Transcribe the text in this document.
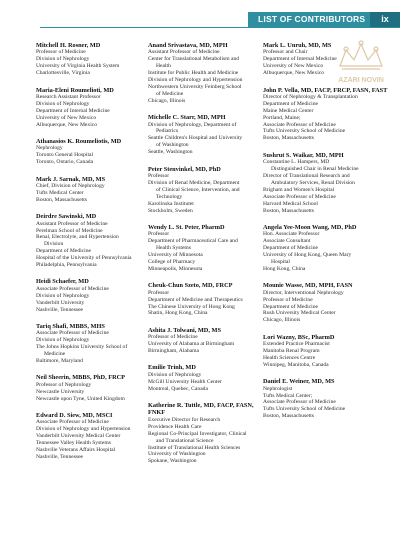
LIST OF CONTRIBUTORS	ix
AZARI NOVIN
Mitchell H. Rosner, MD
Professor of Medicine
Division of Nephrology
University of Virginia Health System
Charlottesville, Virginia
Maria-Eleni Roumelioti, MD
Research Assistant Professor
Division of Nephrology
Department of Internal Medicine
University of New Mexico
Albuquerque, New Mexico
Athanasios K. Roumeliotis, MD
Nephrology
Toronto General Hospital
Toronto, Ontario, Canada
Mark J. Sarnak, MD, MS
Chief, Division of Nephrology
Tufts Medical Center
Boston, Massachusetts
Deirdre Sawinski, MD
Assistant Professor of Medicine
Perelman School of Medicine
Renal, Electrolyte, and Hypertension
Division
Department of Medicine
Hospital of the University of Pennsylvania
Philadelphia, Pennsylvania
Heidi Schaefer, MD
Associate Professor of Medicine
Division of Nephrology
Vanderbilt University
Nashville, Tennessee
Tariq Shafi, MBBS, MHS
Associate Professor of Medicine
Division of Nephrology
The Johns Hopkins University School of
Medicine
Baltimore, Maryland
Neil Sheerin, MBBS, PhD, FRCP
Professor of Nephrology
Newcastle University
Newcastle upon Tyne, United Kingdom
Edward D. Siew, MD, MSCI
Associate Professor of Medicine
Division of Nephrology and Hypertension
Vanderbilt University Medical Center
Tennessee Valley Health Systems
Nashville Veterans Affairs Hospital
Nashville, Tennessee
Anand Srivastava, MD, MPH
Assistant Professor of Medicine
Center for Translational Metabolism and
Health
Institute for Public Health and Medicine
Division of Nephrology and Hypertension
Northwestern University Feinberg School
of Medicine
Chicago, Illinois
Michelle C. Starr, MD, MPH
Division of Nephrology, Department of
Pediatrics
Seattle Children's Hospital and University
of Washington
Seattle, Washington
Peter Stenvinkel, MD, PhD
Professor
Division of Renal Medicine, Department
of Clinical Science, Intervention, and
Technology
Karolinska Institutet
Stockholm, Sweden
Wendy L. St. Peter, PharmD
Professor
Department of Pharmaceutical Care and
Health Systems
University of Minnesota
College of Pharmacy
Minneapolis, Minnesota
Cheuk-Chun Szeto, MD, FRCP
Professor
Department of Medicine and Therapeutics
The Chinese University of Hong Kong
Shatin, Hong Kong, China
Ashita J. Tolwani, MD, MS
Professor of Medicine
University of Alabama at Birmingham
Birmingham, Alabama
Emilie Trinh, MD
Division of Nephrology
McGill University Health Center
Montreal, Quebec, Canada
Katherine R. Tuttle, MD, FACP, FASN, FNKF
Executive Director for Research
Providence Health Care
Regional Co-Principal Investigator, Clinical
and Translational Science
Institute of Translational Health Sciences
University of Washington
Spokane, Washington
Mark L. Unruh, MD, MS
Professor and Chair
Department of Internal Medicine
University of New Mexico
Albuquerque, New Mexico
John P. Vella, MD, FACP, FRCP, FASN, FAST
Director of Nephrology & Transplantation
Department of Medicine
Maine Medical Center
Portland, Maine;
Associate Professor of Medicine
Tufts University School of Medicine
Boston, Massachusetts
Sushrut S. Waikar, MD, MPH
Constantine L. Hampers, MD
Distinguished Chair in Renal Medicine
Director of Translational Research and
Ambulatory Services, Renal Division
Brigham and Women's Hospital
Associate Professor of Medicine
Harvard Medical School
Boston, Massachusetts
Angela Yee-Moon Wang, MD, PhD
Hon. Associate Professor
Associate Consultant
Department of Medicine
University of Hong Kong, Queen Mary
Hospital
Hong Kong, China
Mounie Wasse, MD, MPH, FASN
Director, Interventional Nephrology
Professor of Medicine
Department of Medicine
Rush University Medical Center
Chicago, Illinois
Lori Wazny, BSc, PharmD
Extended Practice Pharmacist
Manitoba Renal Program
Health Sciences Centre
Winnipeg, Manitoba, Canada
Daniel E. Weiner, MD, MS
Nephrologist
Tufts Medical Center;
Associate Professor of Medicine
Tufts University School of Medicine
Boston, Massachusetts
